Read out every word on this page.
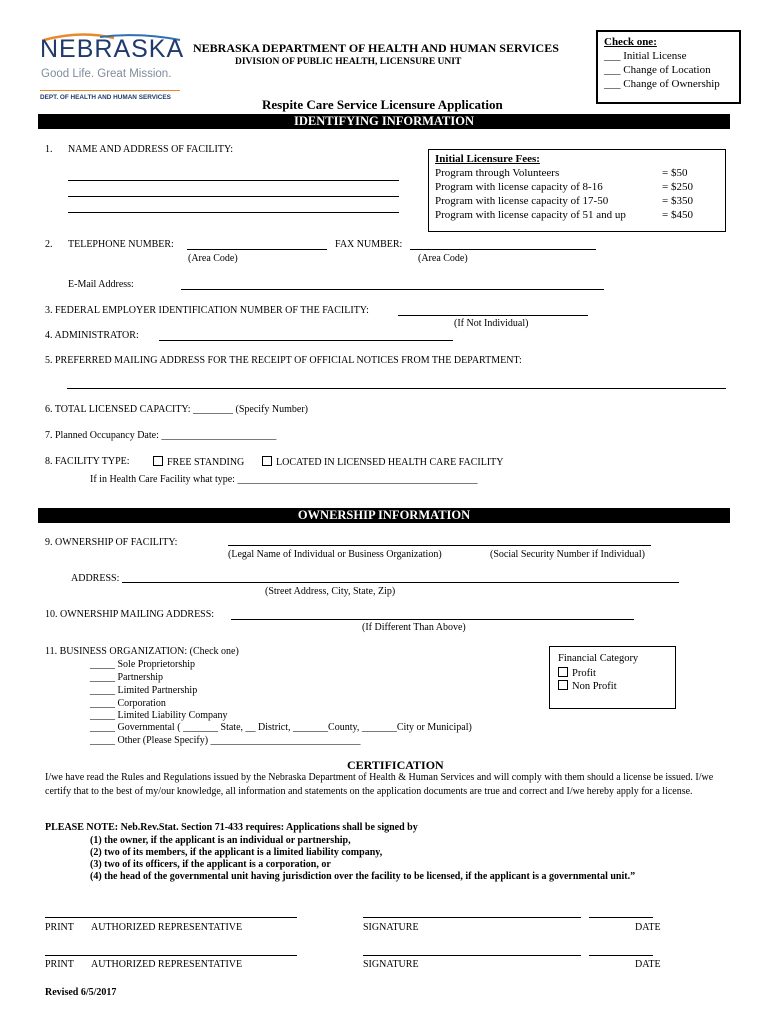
NEBRASKA
Good Life. Great Mission.
DEPT. OF HEALTH AND HUMAN SERVICES
NEBRASKA DEPARTMENT OF HEALTH AND HUMAN SERVICES
DIVISION OF PUBLIC HEALTH, LICENSURE UNIT
Check one:
___ Initial License
___ Change of Location
___ Change of Ownership
Respite Care Service Licensure Application
IDENTIFYING INFORMATION
1. NAME AND ADDRESS OF FACILITY:
Initial Licensure Fees:
Program through Volunteers	= $50
Program with license capacity of 8-16	= $250
Program with license capacity of 17-50	= $350
Program with license capacity of 51 and up	= $450
2. TELEPHONE NUMBER:	FAX NUMBER:
(Area Code)	(Area Code)
E-Mail Address:
3. FEDERAL EMPLOYER IDENTIFICATION NUMBER OF THE FACILITY:
(If Not Individual)
4. ADMINISTRATOR:
5. PREFERRED MAILING ADDRESS FOR THE RECEIPT OF OFFICIAL NOTICES FROM THE DEPARTMENT:
6. TOTAL LICENSED CAPACITY: ________ (Specify Number)
7. Planned Occupancy Date: _______________________
8. FACILITY TYPE:	FREE STANDING	LOCATED IN LICENSED HEALTH CARE FACILITY
If in Health Care Facility what type: ________________________________________________
OWNERSHIP INFORMATION
9. OWNERSHIP OF FACILITY:
(Legal Name of Individual or Business Organization)	(Social Security Number if Individual)
ADDRESS:
(Street Address, City, State, Zip)
10. OWNERSHIP MAILING ADDRESS:
(If Different Than Above)
11. BUSINESS ORGANIZATION: (Check one)
_____ Sole Proprietorship
_____ Partnership
_____ Limited Partnership
_____ Corporation
_____ Limited Liability Company
_____ Governmental ( _______ State, __ District, _______County, _______City or Municipal)
_____ Other (Please Specify) ______________________________
Financial Category
Profit
Non Profit
CERTIFICATION
I/we have read the Rules and Regulations issued by the Nebraska Department of Health & Human Services and will comply with them should a license be issued. I/we certify that to the best of my/our knowledge, all information and statements on the application documents are true and correct and I/we hereby apply for a license.
PLEASE NOTE: Neb.Rev.Stat. Section 71-433 requires: Applications shall be signed by
(1) the owner, if the applicant is an individual or partnership,
(2) two of its members, if the applicant is a limited liability company,
(3) two of its officers, if the applicant is a corporation, or
(4) the head of the governmental unit having jurisdiction over the facility to be licensed, if the applicant is a governmental unit.”
PRINT AUTHORIZED REPRESENTATIVE	SIGNATURE	DATE
PRINT AUTHORIZED REPRESENTATIVE	SIGNATURE	DATE
Revised 6/5/2017
